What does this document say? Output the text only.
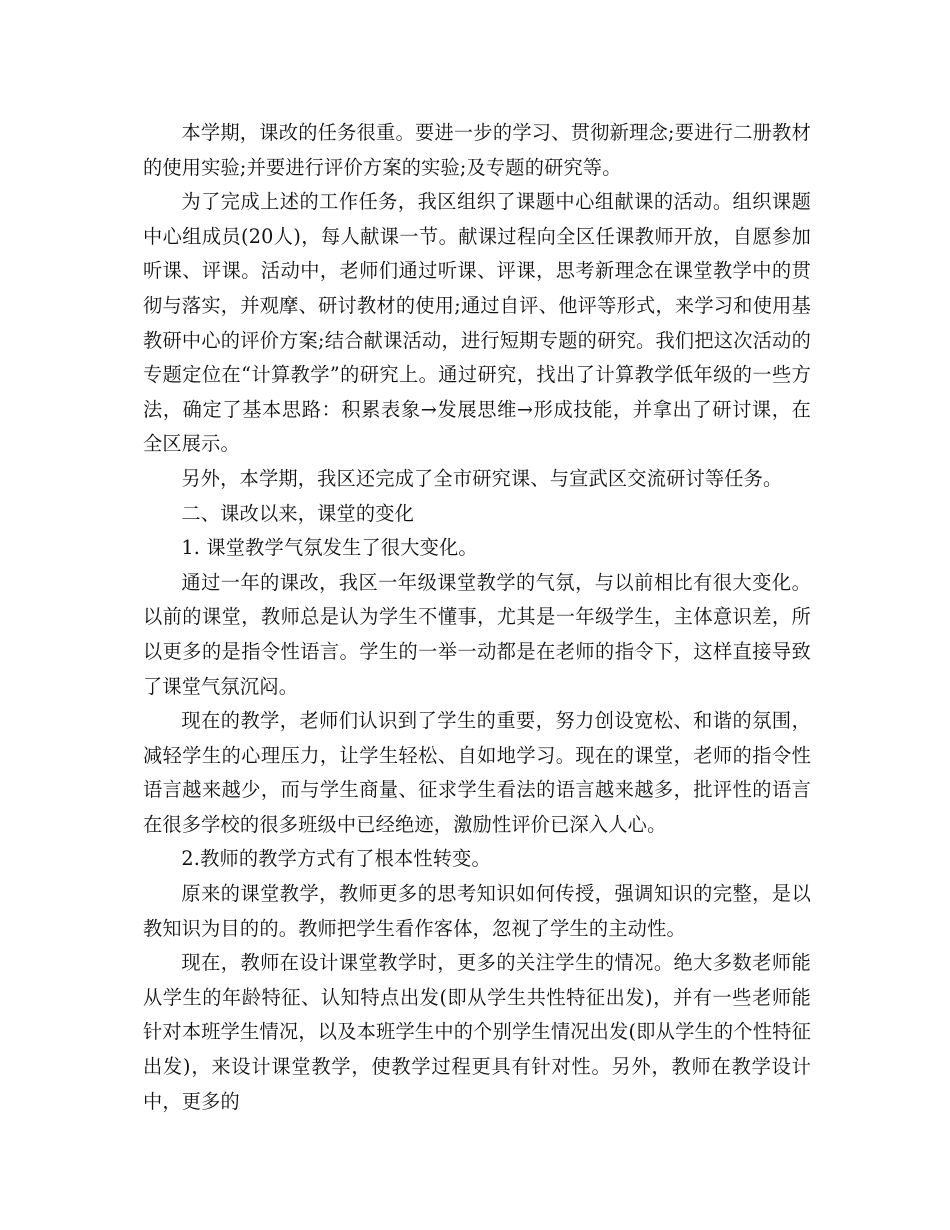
本学期，课改的任务很重。要进一步的学习、贯彻新理念;要进行二册教材的使用实验;并要进行评价方案的实验;及专题的研究等。

为了完成上述的工作任务，我区组织了课题中心组献课的活动。组织课题中心组成员(20人)，每人献课一节。献课过程向全区任课教师开放，自愿参加听课、评课。活动中，老师们通过听课、评课，思考新理念在课堂教学中的贯彻与落实，并观摩、研讨教材的使用;通过自评、他评等形式，来学习和使用基教研中心的评价方案;结合献课活动，进行短期专题的研究。我们把这次活动的专题定位在“计算教学”的研究上。通过研究，找出了计算教学低年级的一些方法，确定了基本思路：积累表象→发展思维→形成技能，并拿出了研讨课，在全区展示。

另外，本学期，我区还完成了全市研究课、与宣武区交流研讨等任务。

二、课改以来，课堂的变化

1. 课堂教学气氛发生了很大变化。

通过一年的课改，我区一年级课堂教学的气氛，与以前相比有很大变化。以前的课堂，教师总是认为学生不懂事，尤其是一年级学生，主体意识差，所以更多的是指令性语言。学生的一举一动都是在老师的指令下，这样直接导致了课堂气氛沉闷。

现在的教学，老师们认识到了学生的重要，努力创设宽松、和谐的氛围，减轻学生的心理压力，让学生轻松、自如地学习。现在的课堂，老师的指令性语言越来越少，而与学生商量、征求学生看法的语言越来越多，批评性的语言在很多学校的很多班级中已经绝迹，激励性评价已深入人心。

2.教师的教学方式有了根本性转变。

原来的课堂教学，教师更多的思考知识如何传授，强调知识的完整，是以教知识为目的的。教师把学生看作客体，忽视了学生的主动性。

现在，教师在设计课堂教学时，更多的关注学生的情况。绝大多数老师能从学生的年龄特征、认知特点出发(即从学生共性特征出发)，并有一些老师能针对本班学生情况，以及本班学生中的个别学生情况出发(即从学生的个性特征出发)，来设计课堂教学，使教学过程更具有针对性。另外，教师在教学设计中，更多的
